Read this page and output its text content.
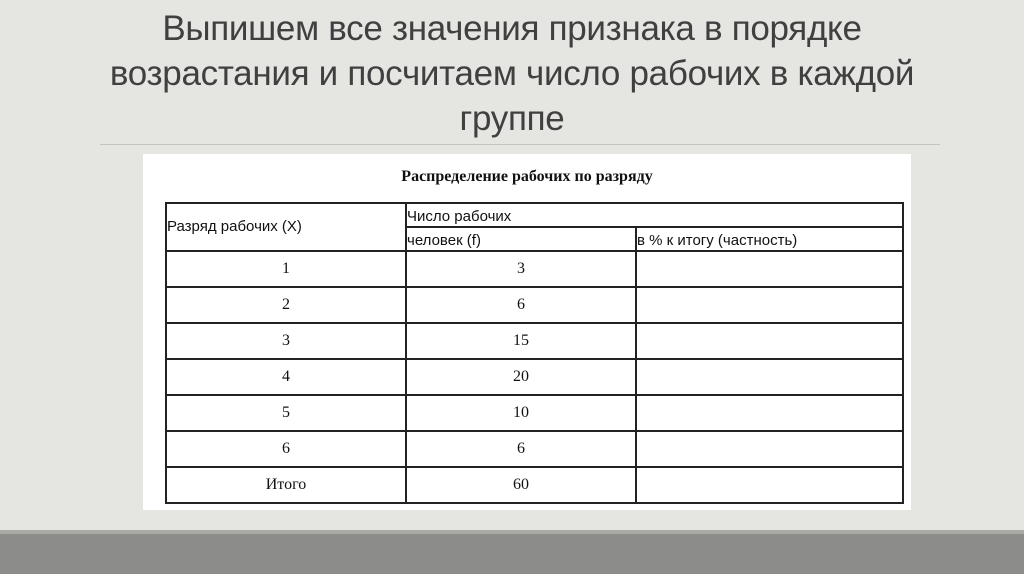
Выпишем все значения признака в порядке
возрастания и посчитаем число рабочих в каждой
группе
Распределение рабочих по разряду
Разряд рабочих (X)	Число рабочих	
	человек (f)	в % к итогу (частность)
1	3	
2	6	
3	15	
4	20	
5	10	
6	6	
Итого	60	
